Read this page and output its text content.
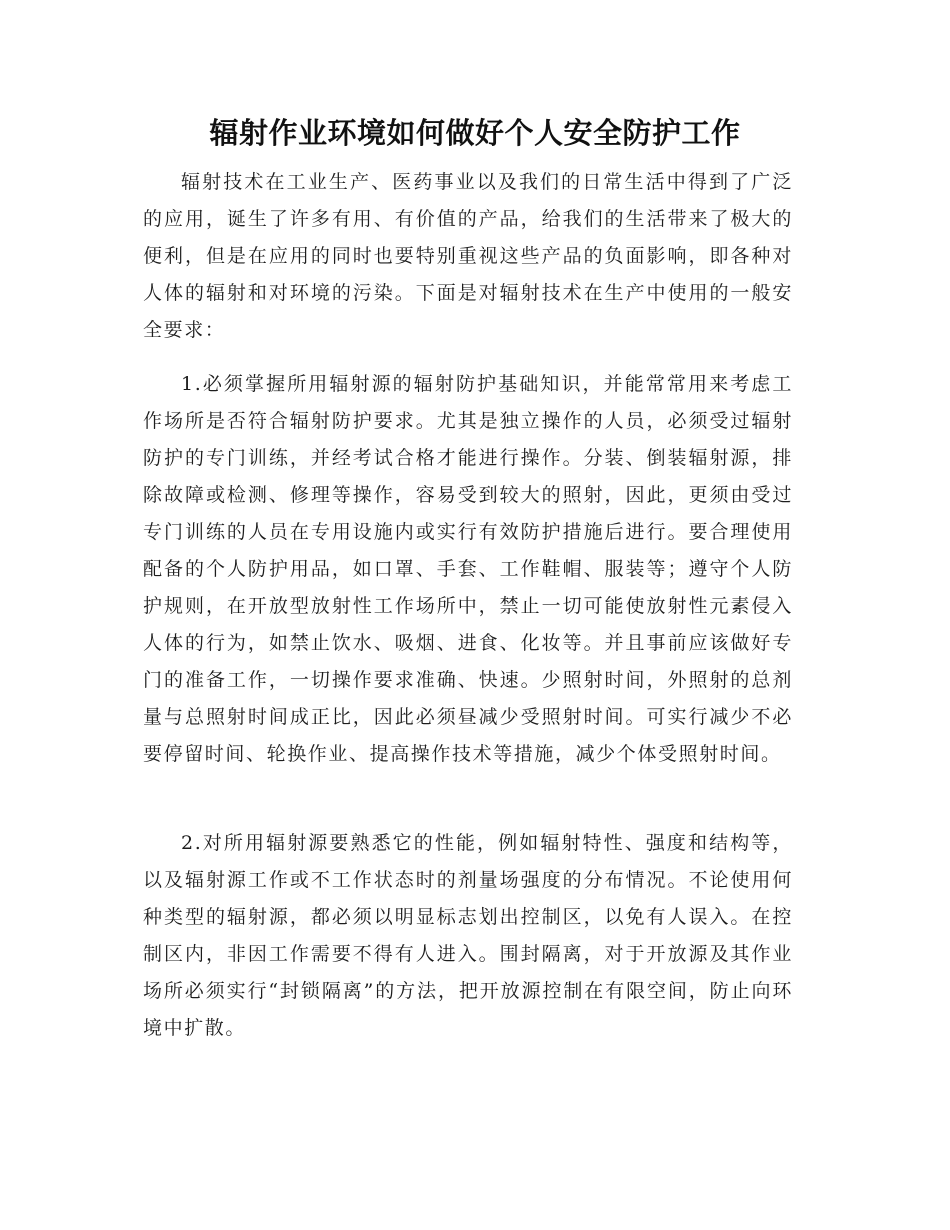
辐射作业环境如何做好个人安全防护工作

辐射技术在工业生产、医药事业以及我们的日常生活中得到了广泛的应用，诞生了许多有用、有价值的产品，给我们的生活带来了极大的便利，但是在应用的同时也要特别重视这些产品的负面影响，即各种对人体的辐射和对环境的污染。下面是对辐射技术在生产中使用的一般安全要求：

1.必须掌握所用辐射源的辐射防护基础知识，并能常常用来考虑工作场所是否符合辐射防护要求。尤其是独立操作的人员，必须受过辐射防护的专门训练，并经考试合格才能进行操作。分装、倒装辐射源，排除故障或检测、修理等操作，容易受到较大的照射，因此，更须由受过专门训练的人员在专用设施内或实行有效防护措施后进行。要合理使用配备的个人防护用品，如口罩、手套、工作鞋帽、服装等；遵守个人防护规则，在开放型放射性工作场所中，禁止一切可能使放射性元素侵入人体的行为，如禁止饮水、吸烟、进食、化妆等。并且事前应该做好专门的准备工作，一切操作要求准确、快速。少照射时间，外照射的总剂量与总照射时间成正比，因此必须昼减少受照射时间。可实行减少不必要停留时间、轮换作业、提高操作技术等措施，减少个体受照射时间。

2.对所用辐射源要熟悉它的性能，例如辐射特性、强度和结构等，以及辐射源工作或不工作状态时的剂量场强度的分布情况。不论使用何种类型的辐射源，都必须以明显标志划出控制区，以免有人误入。在控制区内，非因工作需要不得有人进入。围封隔离，对于开放源及其作业场所必须实行“封锁隔离”的方法，把开放源控制在有限空间，防止向环境中扩散。
